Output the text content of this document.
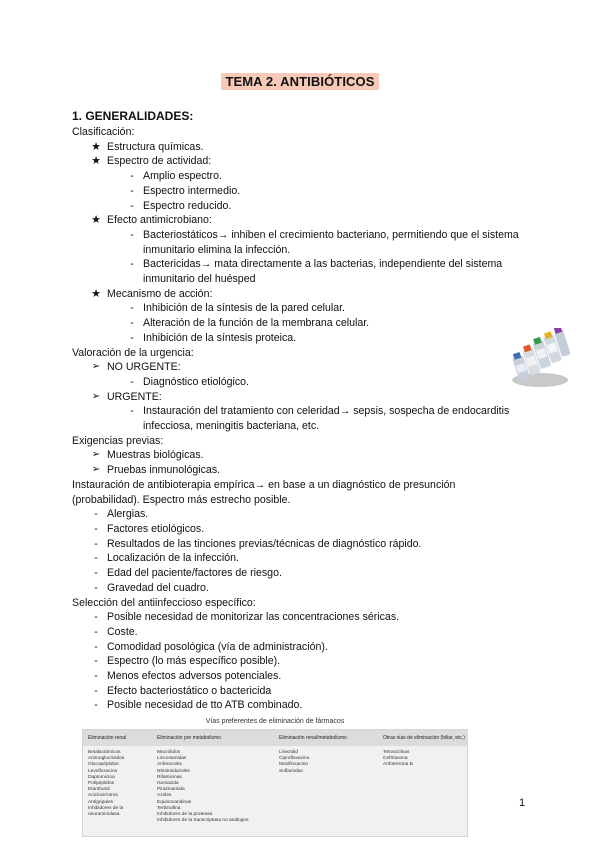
TEMA 2. ANTIBIÓTICOS
1. GENERALIDADES:
Clasificación:
★ Estructura químicas.
★ Espectro de actividad:
- Amplio espectro.
- Espectro intermedio.
- Espectro reducido.
★ Efecto antimicrobiano:
- Bacteriostáticos→ inhiben el crecimiento bacteriano, permitiendo que el sistema inmunitario elimina la infección.
- Bactericidas→ mata directamente a las bacterias, independiente del sistema inmunitario del huésped
★ Mecanismo de acción:
- Inhibición de la síntesis de la pared celular.
- Alteración de la función de la membrana celular.
- Inhibición de la síntesis proteica.
Valoración de la urgencia:
➢ NO URGENTE:
- Diagnóstico etiológico.
➢ URGENTE:
- Instauración del tratamiento con celeridad→ sepsis, sospecha de endocarditis infecciosa, meningitis bacteriana, etc.
Exigencias previas:
➢ Muestras biológicas.
➢ Pruebas inmunológicas.
Instauración de antibioterapia empírica→ en base a un diagnóstico de presunción (probabilidad). Espectro más estrecho posible.
- Alergias.
- Factores etiológicos.
- Resultados de las tinciones previas/técnicas de diagnóstico rápido.
- Localización de la infección.
- Edad del paciente/factores de riesgo.
- Gravedad del cuadro.
Selección del antiinfeccioso específico:
- Posible necesidad de monitorizar las concentraciones séricas.
- Coste.
- Comodidad posológica (vía de administración).
- Espectro (lo más específico posible).
- Menos efectos adversos potenciales.
- Efecto bacteriostático o bactericida
- Posible necesidad de tto ATB combinado.
Vías preferentes de eliminación de fármacos
Eliminación renal
Betalactámicos
Aminoglucósidos
Glucopéptidos
Levofloxacino
Daptomicina
Polipéptidos
Etambutol
Aciclovir/otros
Antigripales
Inhibidores de la
neuraminidasa
Eliminación por metabolismo
Macrólidos
Lincosamidas
Anfenicoles
Nitroimidazoles
Rifamicinas
Isoniazida
Pirazinamida
Azoles
Equinocandinas
Terbinafina
Inhibidores de la proteasa
Inhibidores de la transcriptasa no análogos
Eliminación renal/metabolismo
Linezolid
Ciprofloxacino
Moxifloxacino
Sulfamidas
Otras vías de eliminación (biliar, etc.)
Tetraciclinas
Ceftriaxona
Anfotericina B
1
